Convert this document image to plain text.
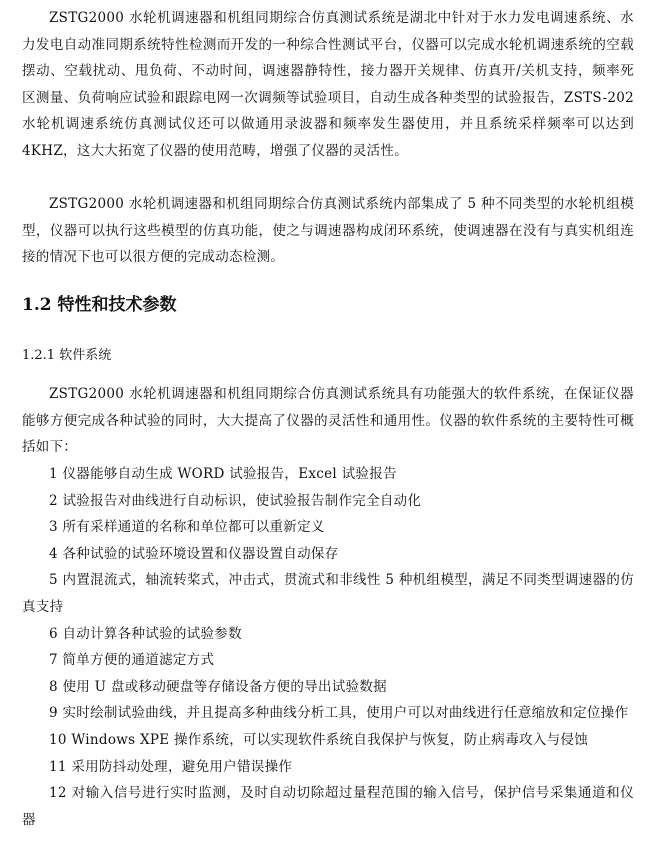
ZSTG2000 水轮机调速器和机组同期综合仿真测试系统是湖北中针对于水力发电调速系统、水力发电自动准同期系统特性检测而开发的一种综合性测试平台，仪器可以完成水轮机调速系统的空载摆动、空载扰动、甩负荷、不动时间，调速器静特性，接力器开关规律、仿真开/关机支持，频率死区测量、负荷响应试验和跟踪电网一次调频等试验项目，自动生成各种类型的试验报告，ZSTS-202 水轮机调速系统仿真测试仪还可以做通用录波器和频率发生器使用，并且系统采样频率可以达到 4KHZ，这大大拓宽了仪器的使用范畴，增强了仪器的灵活性。

ZSTG2000 水轮机调速器和机组同期综合仿真测试系统内部集成了 5 种不同类型的水轮机组模型，仪器可以执行这些模型的仿真功能，使之与调速器构成闭环系统，使调速器在没有与真实机组连接的情况下也可以很方便的完成动态检测。

1.2 特性和技术参数
1.2.1 软件系统

ZSTG2000 水轮机调速器和机组同期综合仿真测试系统具有功能强大的软件系统，在保证仪器能够方便完成各种试验的同时，大大提高了仪器的灵活性和通用性。仪器的软件系统的主要特性可概括如下：

1 仪器能够自动生成 WORD 试验报告，Excel 试验报告
2 试验报告对曲线进行自动标识，使试验报告制作完全自动化
3 所有采样通道的名称和单位都可以重新定义
4 各种试验的试验环境设置和仪器设置自动保存
5 内置混流式，轴流转桨式，冲击式，贯流式和非线性 5 种机组模型，满足不同类型调速器的仿真支持
6 自动计算各种试验的试验参数
7 简单方便的通道滤定方式
8 使用 U 盘或移动硬盘等存储设备方便的导出试验数据
9 实时绘制试验曲线，并且提高多种曲线分析工具，使用户可以对曲线进行任意缩放和定位操作
10 Windows XPE 操作系统，可以实现软件系统自我保护与恢复，防止病毒攻入与侵蚀
11 采用防抖动处理，避免用户错误操作
12 对输入信号进行实时监测，及时自动切除超过量程范围的输入信号，保护信号采集通道和仪器
